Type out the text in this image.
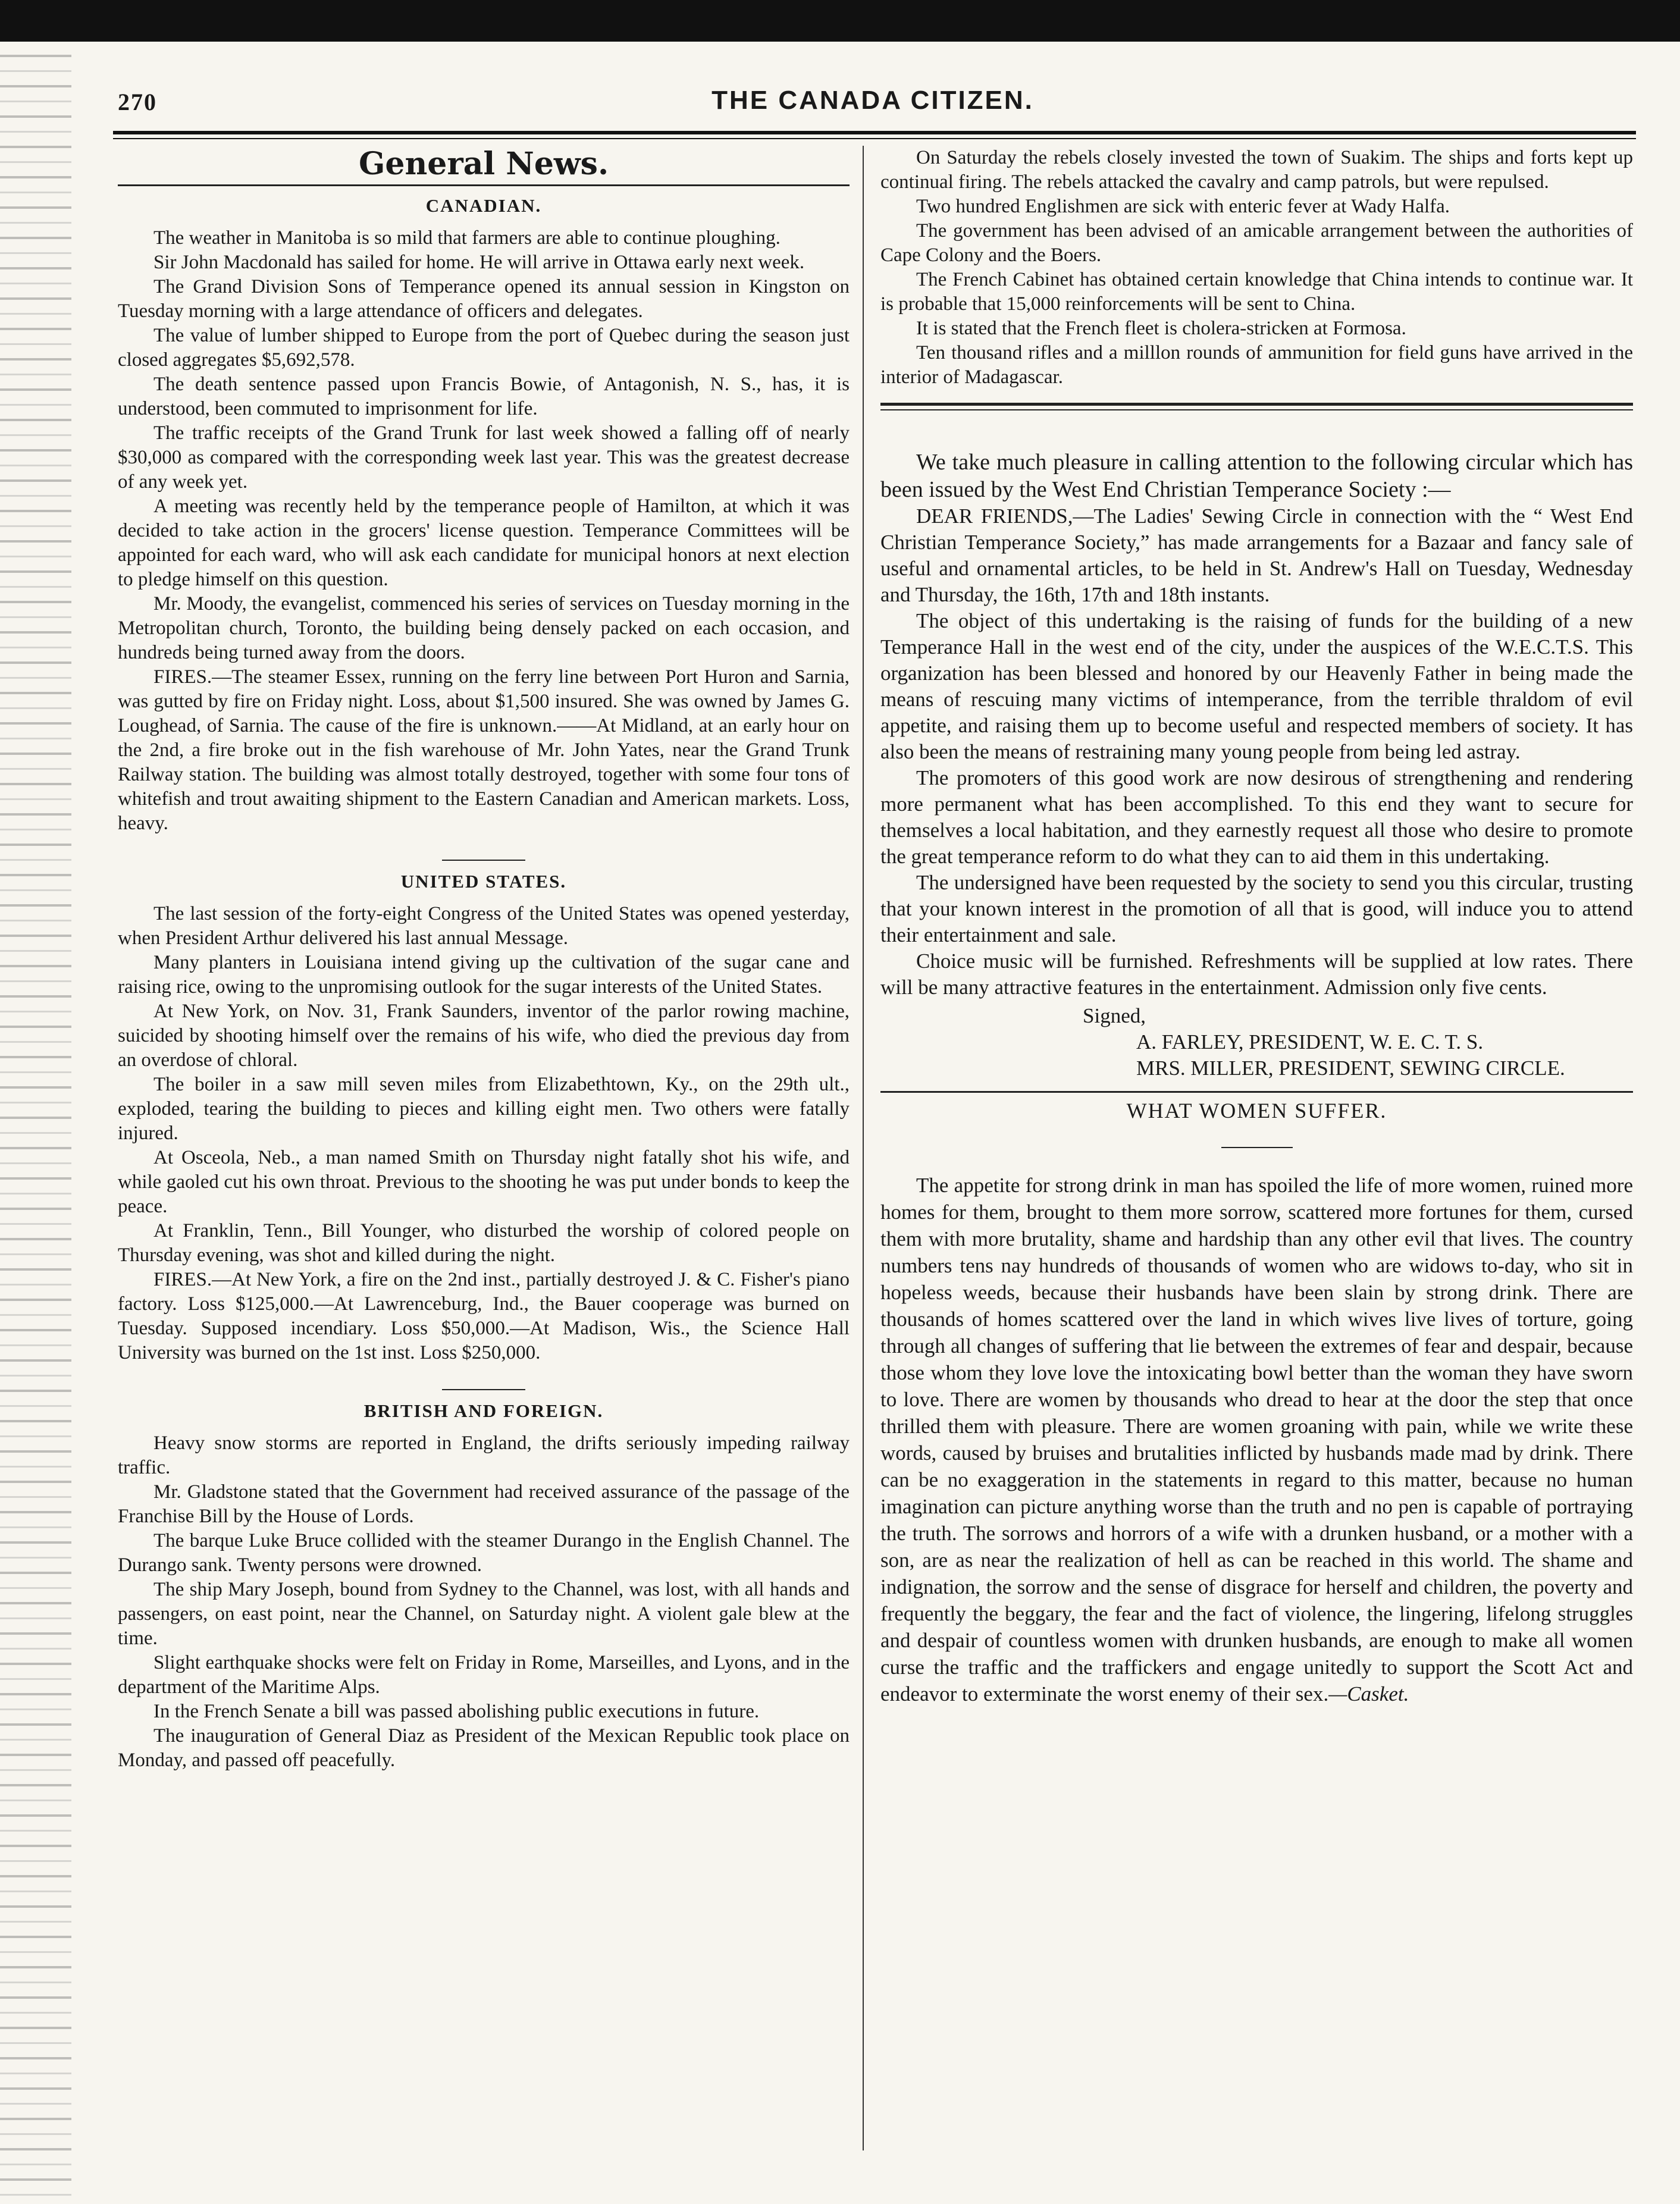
270	THE CANADA CITIZEN.
General News.
CANADIAN.

The weather in Manitoba is so mild that farmers are able to continue ploughing.

Sir John Macdonald has sailed for home. He will arrive in Ottawa early next week.

The Grand Division Sons of Temperance opened its annual session in Kingston on Tuesday morning with a large attendance of officers and delegates.

The value of lumber shipped to Europe from the port of Quebec during the season just closed aggregates $5,692,578.

The death sentence passed upon Francis Bowie, of Antagonish, N. S., has, it is understood, been commuted to imprisonment for life.

The traffic receipts of the Grand Trunk for last week showed a falling off of nearly $30,000 as compared with the corresponding week last year. This was the greatest decrease of any week yet.

A meeting was recently held by the temperance people of Hamilton, at which it was decided to take action in the grocers' license question. Temperance Committees will be appointed for each ward, who will ask each candidate for municipal honors at next election to pledge himself on this question.

Mr. Moody, the evangelist, commenced his series of services on Tuesday morning in the Metropolitan church, Toronto, the building being densely packed on each occasion, and hundreds being turned away from the doors.

FIRES.—The steamer Essex, running on the ferry line between Port Huron and Sarnia, was gutted by fire on Friday night. Loss, about $1,500 insured. She was owned by James G. Loughead, of Sarnia. The cause of the fire is unknown.——At Midland, at an early hour on the 2nd, a fire broke out in the fish warehouse of Mr. John Yates, near the Grand Trunk Railway station. The building was almost totally destroyed, together with some four tons of whitefish and trout awaiting shipment to the Eastern Canadian and American markets. Loss, heavy.

UNITED STATES.

The last session of the forty-eight Congress of the United States was opened yesterday, when President Arthur delivered his last annual Message.

Many planters in Louisiana intend giving up the cultivation of the sugar cane and raising rice, owing to the unpromising outlook for the sugar interests of the United States.

At New York, on Nov. 31, Frank Saunders, inventor of the parlor rowing machine, suicided by shooting himself over the remains of his wife, who died the previous day from an overdose of chloral.

The boiler in a saw mill seven miles from Elizabethtown, Ky., on the 29th ult., exploded, tearing the building to pieces and killing eight men. Two others were fatally injured.

At Osceola, Neb., a man named Smith on Thursday night fatally shot his wife, and while gaoled cut his own throat. Previous to the shooting he was put under bonds to keep the peace.

At Franklin, Tenn., Bill Younger, who disturbed the worship of colored people on Thursday evening, was shot and killed during the night.

FIRES.—At New York, a fire on the 2nd inst., partially destroyed J. & C. Fisher's piano factory. Loss $125,000.—At Lawrenceburg, Ind., the Bauer cooperage was burned on Tuesday. Supposed incendiary. Loss $50,000.—At Madison, Wis., the Science Hall University was burned on the 1st inst. Loss $250,000.

BRITISH AND FOREIGN.

Heavy snow storms are reported in England, the drifts seriously impeding railway traffic.

Mr. Gladstone stated that the Government had received assurance of the passage of the Franchise Bill by the House of Lords.

The barque Luke Bruce collided with the steamer Durango in the English Channel. The Durango sank. Twenty persons were drowned.

The ship Mary Joseph, bound from Sydney to the Channel, was lost, with all hands and passengers, on east point, near the Channel, on Saturday night. A violent gale blew at the time.

Slight earthquake shocks were felt on Friday in Rome, Marseilles, and Lyons, and in the department of the Maritime Alps.

In the French Senate a bill was passed abolishing public executions in future.

The inauguration of General Diaz as President of the Mexican Republic took place on Monday, and passed off peacefully.

On Saturday the rebels closely invested the town of Suakim. The ships and forts kept up continual firing. The rebels attacked the cavalry and camp patrols, but were repulsed.

Two hundred Englishmen are sick with enteric fever at Wady Halfa.

The government has been advised of an amicable arrangement between the authorities of Cape Colony and the Boers.

The French Cabinet has obtained certain knowledge that China intends to continue war. It is probable that 15,000 reinforcements will be sent to China.

It is stated that the French fleet is cholera-stricken at Formosa.

Ten thousand rifles and a milllon rounds of ammunition for field guns have arrived in the interior of Madagascar.

We take much pleasure in calling attention to the following circular which has been issued by the West End Christian Temperance Society :—

DEAR FRIENDS,—The Ladies' Sewing Circle in connection with the “ West End Christian Temperance Society,” has made arrangements for a Bazaar and fancy sale of useful and ornamental articles, to be held in St. Andrew's Hall on Tuesday, Wednesday and Thursday, the 16th, 17th and 18th instants.

The object of this undertaking is the raising of funds for the building of a new Temperance Hall in the west end of the city, under the auspices of the W.E.C.T.S. This organization has been blessed and honored by our Heavenly Father in being made the means of rescuing many victims of intemperance, from the terrible thraldom of evil appetite, and raising them up to become useful and respected members of society. It has also been the means of restraining many young people from being led astray.

The promoters of this good work are now desirous of strengthening and rendering more permanent what has been accomplished. To this end they want to secure for themselves a local habitation, and they earnestly request all those who desire to promote the great temperance reform to do what they can to aid them in this undertaking.

The undersigned have been requested by the society to send you this circular, trusting that your known interest in the promotion of all that is good, will induce you to attend their entertainment and sale.

Choice music will be furnished. Refreshments will be supplied at low rates. There will be many attractive features in the entertainment. Admission only five cents.

Signed,
A. FARLEY, PRESIDENT, W. E. C. T. S.
MRS. MILLER, PRESIDENT, SEWING CIRCLE.
WHAT WOMEN SUFFER.

The appetite for strong drink in man has spoiled the life of more women, ruined more homes for them, brought to them more sorrow, scattered more fortunes for them, cursed them with more brutality, shame and hardship than any other evil that lives. The country numbers tens nay hundreds of thousands of women who are widows to-day, who sit in hopeless weeds, because their husbands have been slain by strong drink. There are thousands of homes scattered over the land in which wives live lives of torture, going through all changes of suffering that lie between the extremes of fear and despair, because those whom they love love the intoxicating bowl better than the woman they have sworn to love. There are women by thousands who dread to hear at the door the step that once thrilled them with pleasure. There are women groaning with pain, while we write these words, caused by bruises and brutalities inflicted by husbands made mad by drink. There can be no exaggeration in the statements in regard to this matter, because no human imagination can picture anything worse than the truth and no pen is capable of portraying the truth. The sorrows and horrors of a wife with a drunken husband, or a mother with a son, are as near the realization of hell as can be reached in this world. The shame and indignation, the sorrow and the sense of disgrace for herself and children, the poverty and frequently the beggary, the fear and the fact of violence, the lingering, lifelong struggles and despair of countless women with drunken husbands, are enough to make all women curse the traffic and the traffickers and engage unitedly to support the Scott Act and endeavor to exterminate the worst enemy of their sex.—Casket.
